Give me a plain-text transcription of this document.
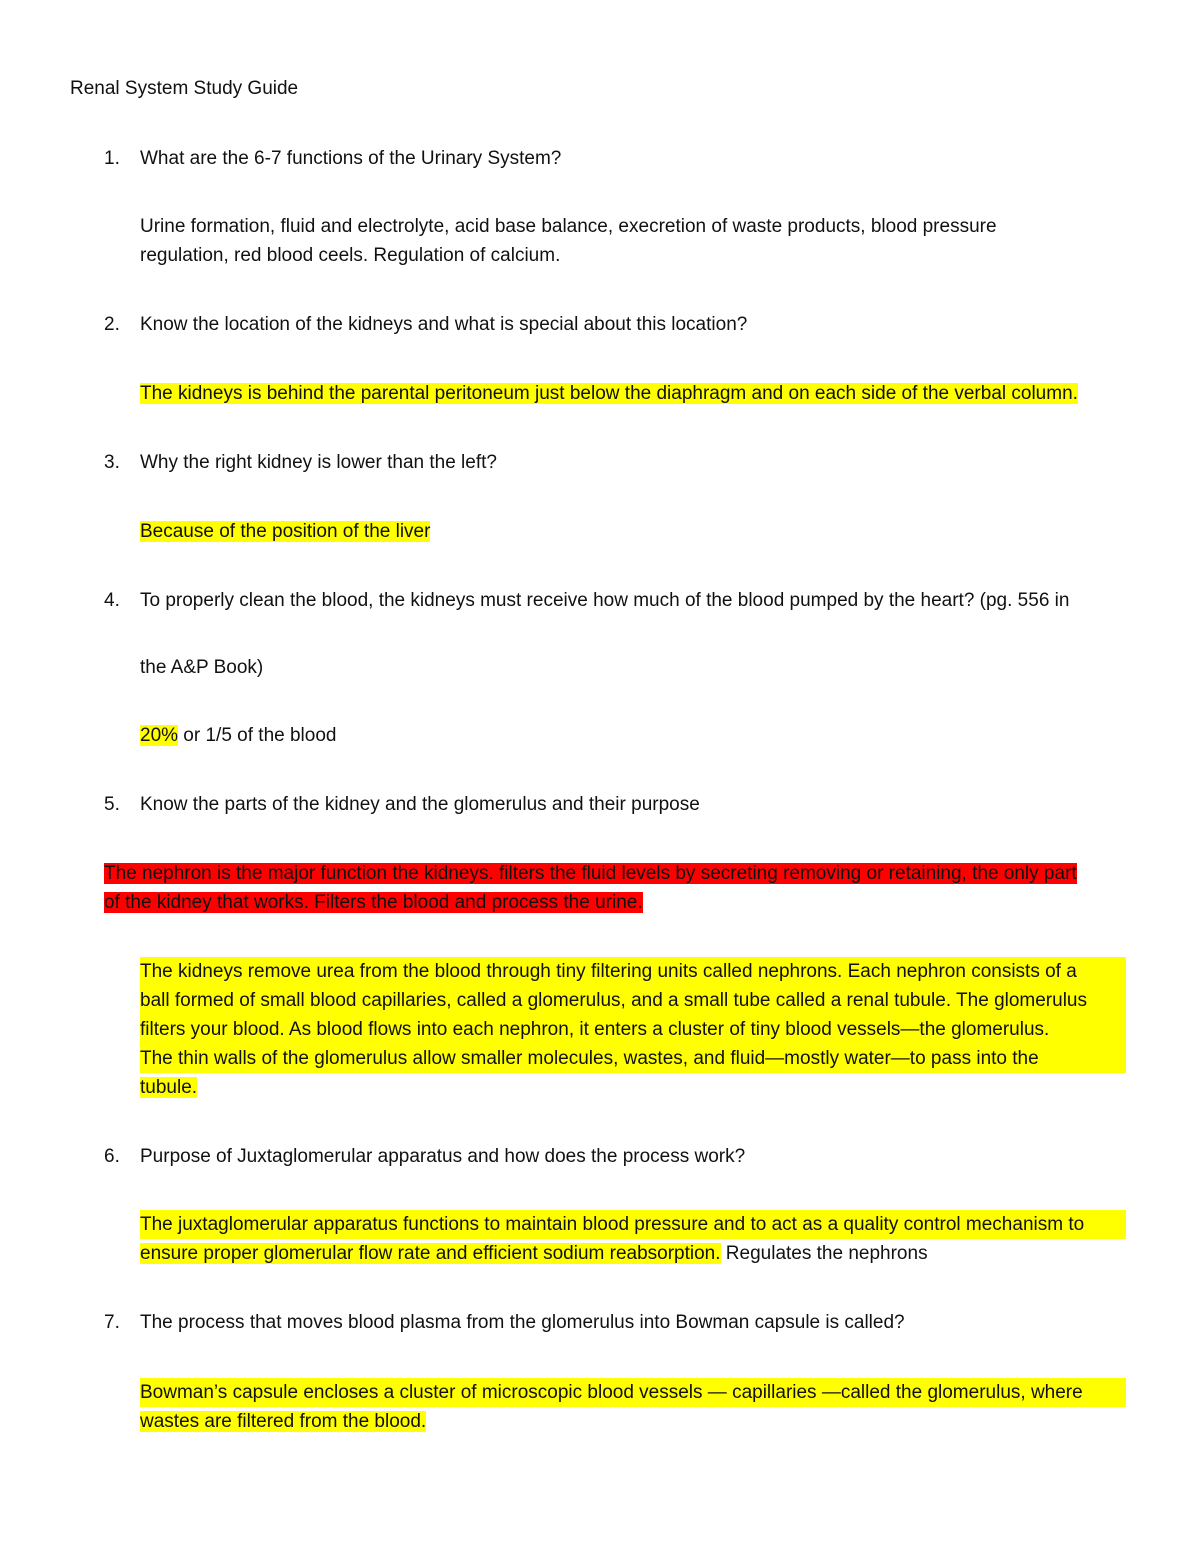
Renal System Study Guide
1.	What are the 6-7 functions of the Urinary System?
Urine formation, fluid and electrolyte, acid base balance, execretion of waste products, blood pressure
regulation, red blood ceels. Regulation of calcium.
2.	Know the location of the kidneys and what is special about this location?
The kidneys is behind the parental peritoneum just below the diaphragm and on each side of the verbal column.
3.	Why the right kidney is lower than the left?
Because of the position of the liver
4.	To properly clean the blood, the kidneys must receive how much of the blood pumped by the heart? (pg. 556 in
the A&P Book)
20% or 1/5 of the blood
5.	Know the parts of the kidney and the glomerulus and their purpose
The nephron is the major function the kidneys. filters the fluid levels by secreting removing or retaining, the only part
of the kidney that works. Filters the blood and process the urine.
The kidneys remove urea from the blood through tiny filtering units called nephrons. Each nephron consists of a
ball formed of small blood capillaries, called a glomerulus, and a small tube called a renal tubule. The glomerulus
filters your blood. As blood flows into each nephron, it enters a cluster of tiny blood vessels—the glomerulus.
The thin walls of the glomerulus allow smaller molecules, wastes, and fluid—mostly water—to pass into the
tubule.
6.	Purpose of Juxtaglomerular apparatus and how does the process work?
The juxtaglomerular apparatus functions to maintain blood pressure and to act as a quality control mechanism to
ensure proper glomerular flow rate and efficient sodium reabsorption. Regulates the nephrons
7.	The process that moves blood plasma from the glomerulus into Bowman capsule is called?
Bowman’s capsule encloses a cluster of microscopic blood vessels — capillaries —called the glomerulus, where
wastes are filtered from the blood.
